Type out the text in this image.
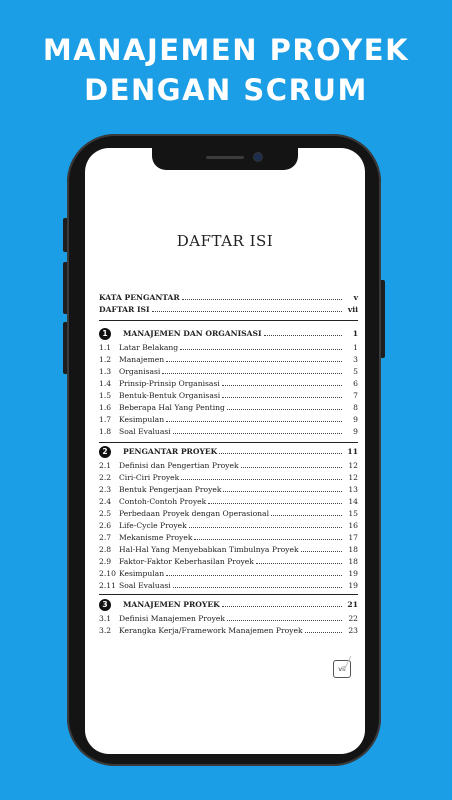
MANAJEMEN PROYEK
DENGAN SCRUM
DAFTAR ISI
KATA PENGANTAR	v
DAFTAR ISI	vii
1	MANAJEMEN DAN ORGANISASI	1
1.1	Latar Belakang	1
1.2	Manajemen	3
1.3	Organisasi	5
1.4	Prinsip-Prinsip Organisasi	6
1.5	Bentuk-Bentuk Organisasi	7
1.6	Beberapa Hal Yang Penting	8
1.7	Kesimpulan	9
1.8	Soal Evaluasi	9
2	PENGANTAR PROYEK	11
2.1	Definisi dan Pengertian Proyek	12
2.2	Ciri-Ciri Proyek	12
2.3	Bentuk Pengerjaan Proyek	13
2.4	Contoh-Contoh Proyek	14
2.5	Perbedaan Proyek dengan Operasional	15
2.6	Life-Cycle Proyek	16
2.7	Mekanisme Proyek	17
2.8	Hal-Hal Yang Menyebabkan Timbulnya Proyek	18
2.9	Faktor-Faktor Keberhasilan Proyek	18
2.10 Kesimpulan	19
2.11 Soal Evaluasi	19
3	MANAJEMEN PROYEK	21
3.1	Definisi Manajemen Proyek	22
3.2	Kerangka Kerja/Framework Manajemen Proyek	23
vii
